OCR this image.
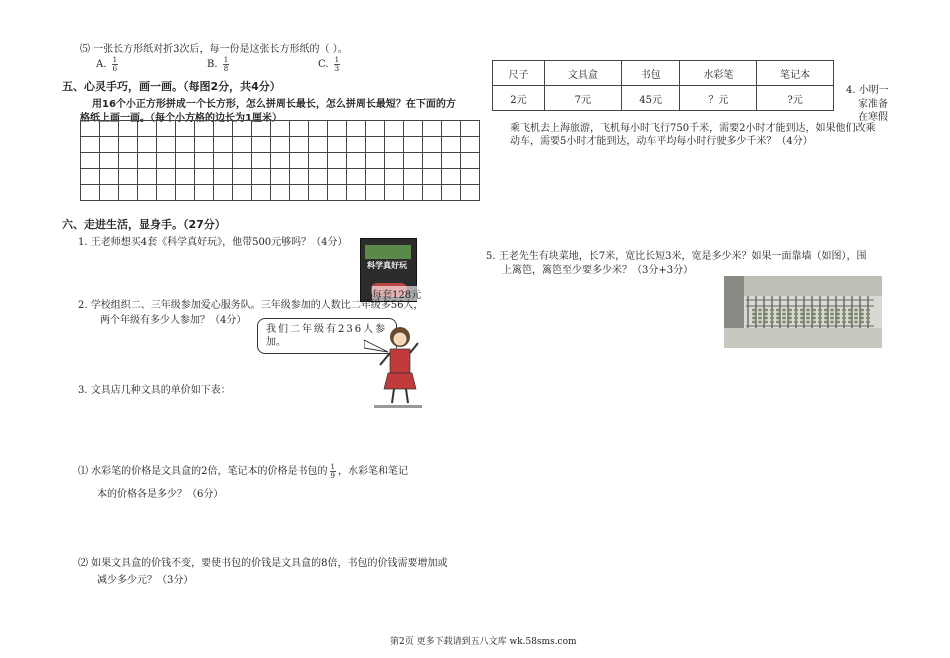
⑸ 一张长方形纸对折3次后，每一份是这张长方形纸的（ ）。
A. $\frac{1}{6}$	B. $\frac{1}{8}$	C. $\frac{1}{3}$
五、心灵手巧，画一画。（每图2分，共4分）
用16个小正方形拼成一个长方形，怎么拼周长最长，怎么拼周长最短？在下面的方
格纸上画一画。（每个小方格的边长为1厘米）

六、走进生活，显身手。（27分）
1. 王老师想买4套《科学真好玩》，他带500元够吗？（4分）
科学真好玩
每套128元
2. 学校组织二、三年级参加爱心服务队。三年级参加的人数比二年级多56人，
两个年级有多少人参加？（4分）
我们二年级有236人参
加。
3. 文具店几种文具的单价如下表：
⑴ 水彩笔的价格是文具盒的2倍，笔记本的价格是书包的 $\frac{1}{9}$ ，水彩笔和笔记
本的价格各是多少？（6分）
⑵ 如果文具盒的价钱不变，要使书包的价钱是文具盒的8倍，书包的价钱需要增加或
减少多少元？（3分）
尺子	文具盒	书包	水彩笔	笔记本
2元	7元	45元	？元	?元
4. 小明一
家准备
在寒假
乘飞机去上海旅游，飞机每小时飞行750千米，需要2小时才能到达，如果他们改乘
动车，需要5小时才能到达，动车平均每小时行驶多少千米？（4分）
5. 王老先生有块菜地，长7米，宽比长短3米，宽是多少米？如果一面靠墙（如图），围
上篱笆，篱笆至少要多少米？（3分+3分）
第2页 更多下载请到五八文库 wk.58sms.com
